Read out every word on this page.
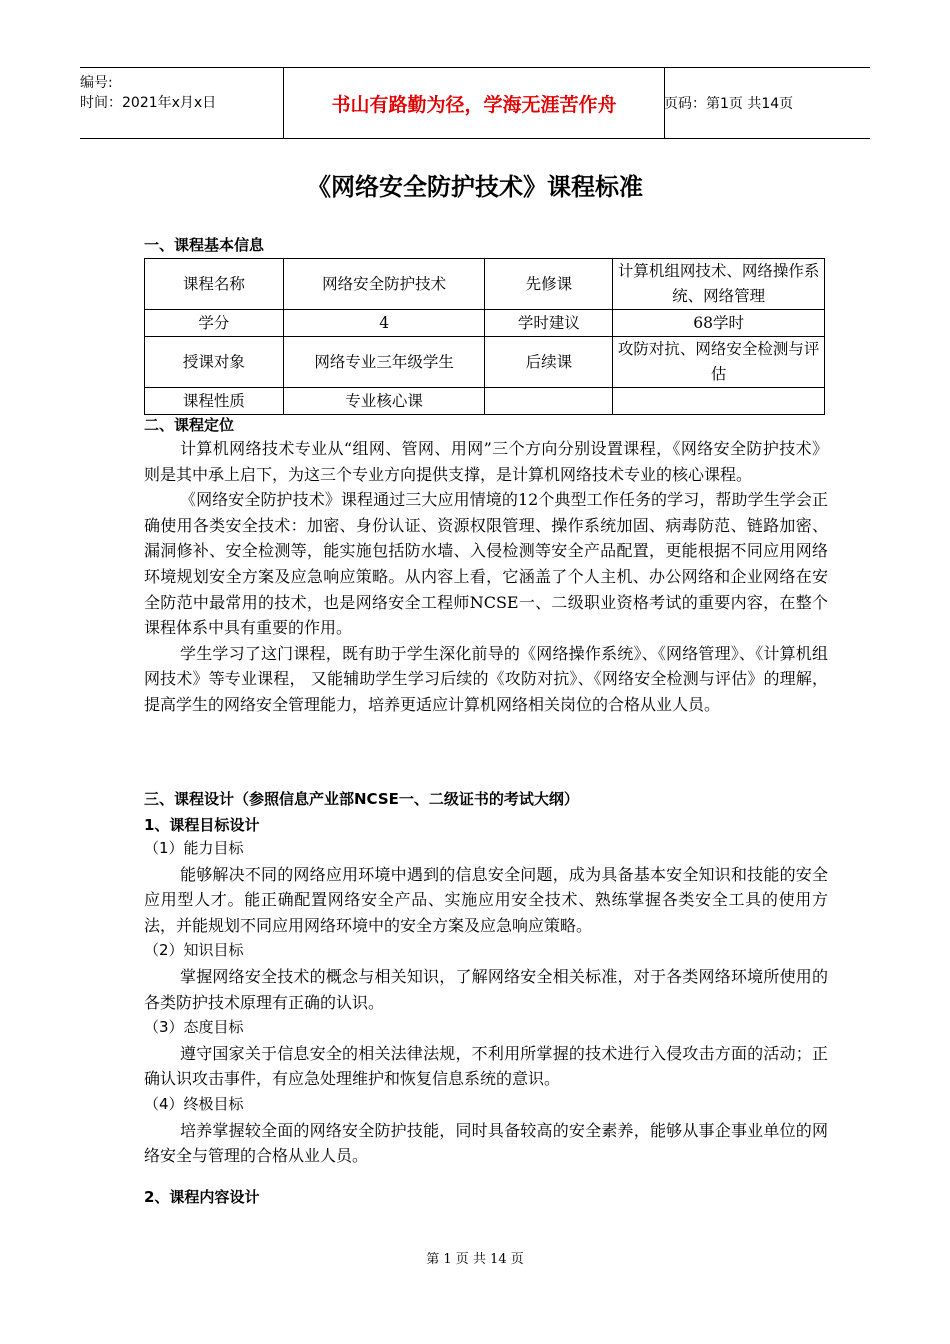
编号:
时间：2021年x月x日	书山有路勤为径，学海无涯苦作舟	页码：第1页 共14页
《网络安全防护技术》课程标准
一、课程基本信息
课程名称	网络安全防护技术	先修课	计算机组网技术、网络操作系统、网络管理
学分	4	学时建议	68学时
授课对象	网络专业三年级学生	后续课	攻防对抗、网络安全检测与评估
课程性质	专业核心课		
二、课程定位

计算机网络技术专业从“组网、管网、用网”三个方向分别设置课程，《网络安全防护技术》则是其中承上启下，为这三个专业方向提供支撑，是计算机网络技术专业的核心课程。

《网络安全防护技术》课程通过三大应用情境的12个典型工作任务的学习，帮助学生学会正确使用各类安全技术：加密、身份认证、资源权限管理、操作系统加固、病毒防范、链路加密、漏洞修补、安全检测等，能实施包括防水墙、入侵检测等安全产品配置，更能根据不同应用网络环境规划安全方案及应急响应策略。从内容上看，它涵盖了个人主机、办公网络和企业网络在安全防范中最常用的技术，也是网络安全工程师NCSE一、二级职业资格考试的重要内容，在整个课程体系中具有重要的作用。

学生学习了这门课程，既有助于学生深化前导的《网络操作系统》、《网络管理》、《计算机组网技术》等专业课程， 又能辅助学生学习后续的《攻防对抗》、《网络安全检测与评估》的理解，提高学生的网络安全管理能力，培养更适应计算机网络相关岗位的合格从业人员。

三、课程设计（参照信息产业部NCSE一、二级证书的考试大纲）
1、课程目标设计
（1）能力目标

能够解决不同的网络应用环境中遇到的信息安全问题，成为具备基本安全知识和技能的安全应用型人才。能正确配置网络安全产品、实施应用安全技术、熟练掌握各类安全工具的使用方法，并能规划不同应用网络环境中的安全方案及应急响应策略。

（2）知识目标

掌握网络安全技术的概念与相关知识，了解网络安全相关标准，对于各类网络环境所使用的各类防护技术原理有正确的认识。

（3）态度目标

遵守国家关于信息安全的相关法律法规，不利用所掌握的技术进行入侵攻击方面的活动；正确认识攻击事件，有应急处理维护和恢复信息系统的意识。

（4）终极目标

培养掌握较全面的网络安全防护技能，同时具备较高的安全素养，能够从事企事业单位的网络安全与管理的合格从业人员。

2、课程内容设计
第 1 页 共 14 页
